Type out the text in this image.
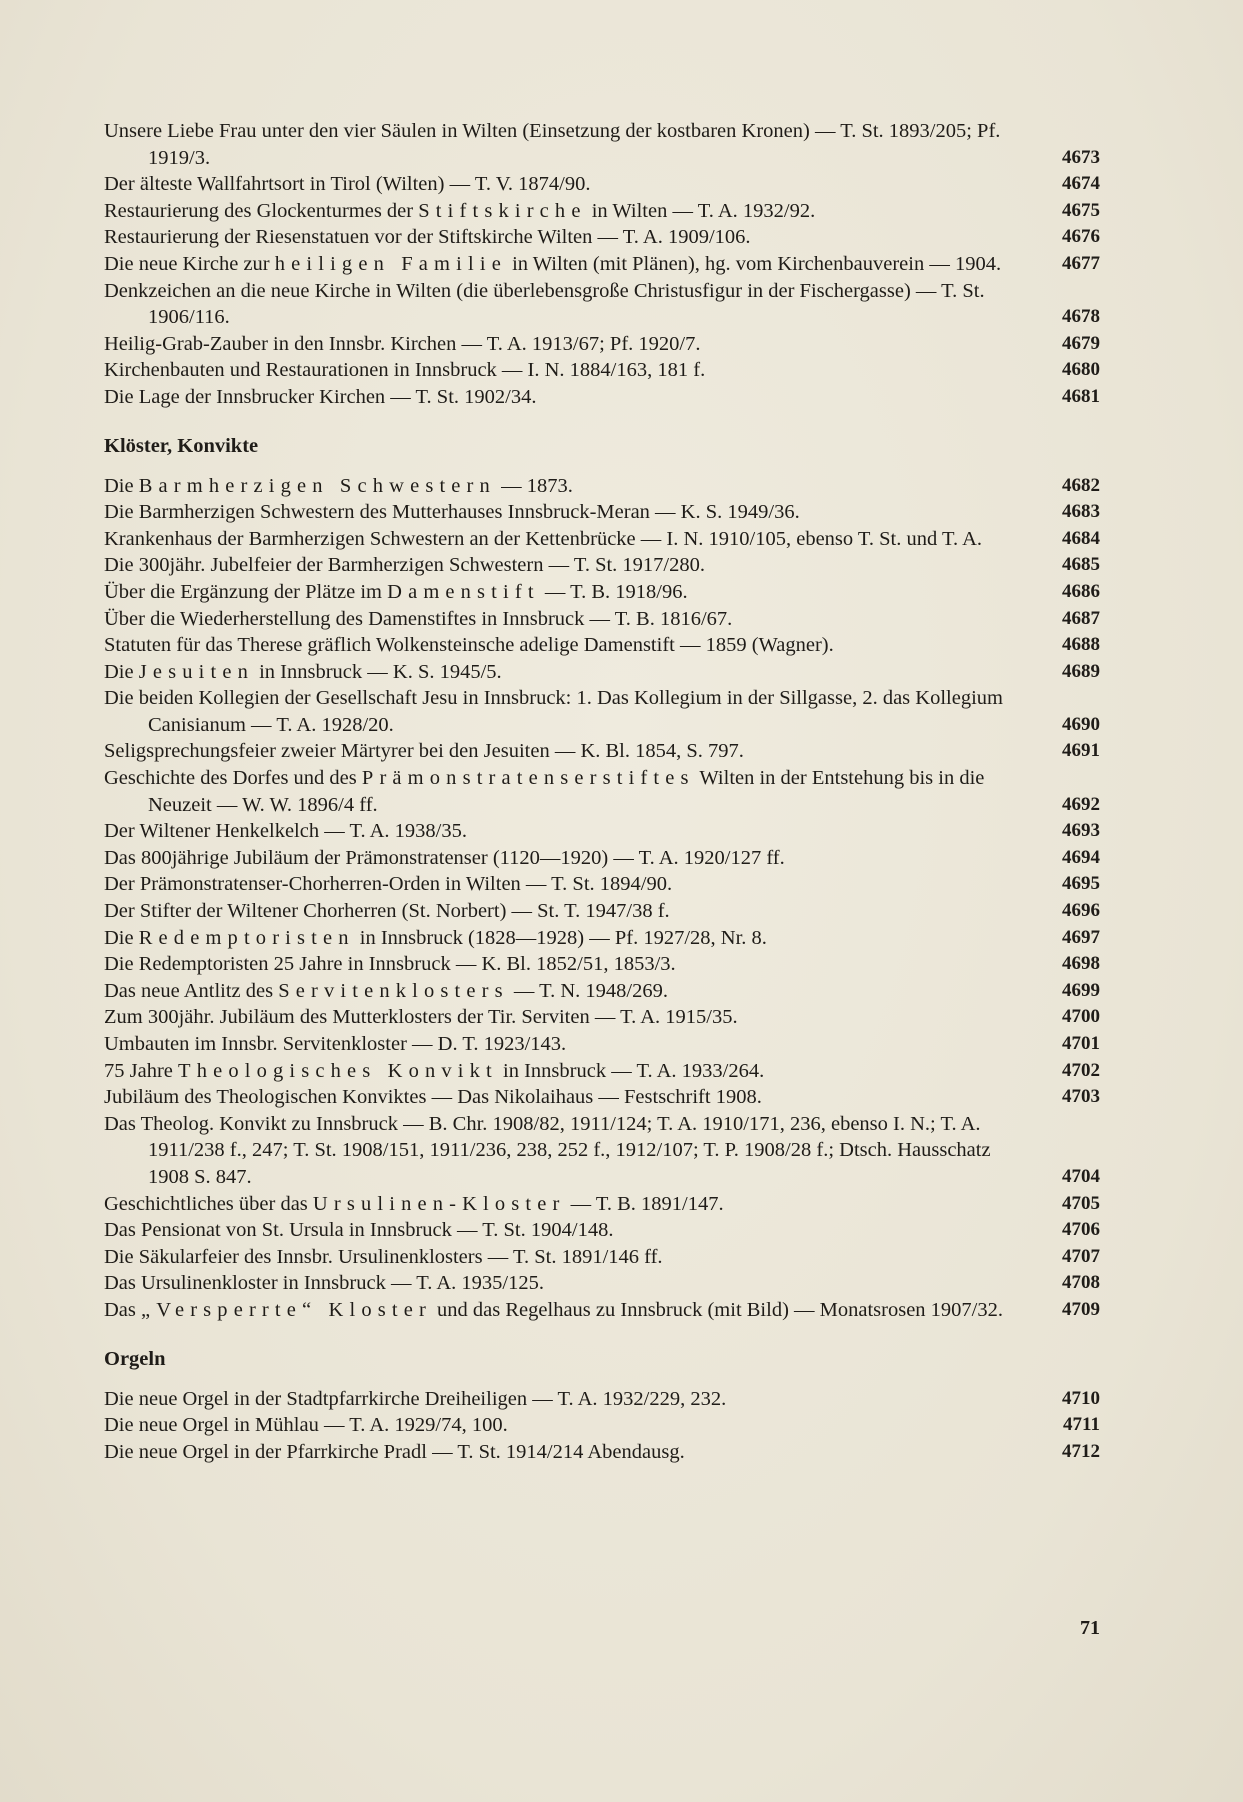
Unsere Liebe Frau unter den vier Säulen in Wilten (Einsetzung der kostbaren Kronen) — T. St. 1893/205; Pf. 1919/3.	4673
Der älteste Wallfahrtsort in Tirol (Wilten) — T. V. 1874/90.	4674
Restaurierung des Glockenturmes der Stiftskirche in Wilten — T. A. 1932/92.	4675
Restaurierung der Riesenstatuen vor der Stiftskirche Wilten — T. A. 1909/106.	4676
Die neue Kirche zur heiligen Familie in Wilten (mit Plänen), hg. vom Kirchenbauverein — 1904.	4677
Denkzeichen an die neue Kirche in Wilten (die überlebensgroße Christusfigur in der Fischergasse) — T. St. 1906/116.	4678
Heilig-Grab-Zauber in den Innsbr. Kirchen — T. A. 1913/67; Pf. 1920/7.	4679
Kirchenbauten und Restaurationen in Innsbruck — I. N. 1884/163, 181 f.	4680
Die Lage der Innsbrucker Kirchen — T. St. 1902/34.	4681
Klöster, Konvikte
Die Barmherzigen Schwestern — 1873.	4682
Die Barmherzigen Schwestern des Mutterhauses Innsbruck-Meran — K. S. 1949/36.	4683
Krankenhaus der Barmherzigen Schwestern an der Kettenbrücke — I. N. 1910/105, ebenso T. St. und T. A.	4684
Die 300jähr. Jubelfeier der Barmherzigen Schwestern — T. St. 1917/280.	4685
Über die Ergänzung der Plätze im Damenstift — T. B. 1918/96.	4686
Über die Wiederherstellung des Damenstiftes in Innsbruck — T. B. 1816/67.	4687
Statuten für das Therese gräflich Wolkensteinsche adelige Damenstift — 1859 (Wagner).	4688
Die Jesuiten in Innsbruck — K. S. 1945/5.	4689
Die beiden Kollegien der Gesellschaft Jesu in Innsbruck: 1. Das Kollegium in der Sillgasse, 2. das Kollegium Canisianum — T. A. 1928/20.	4690
Seligsprechungsfeier zweier Märtyrer bei den Jesuiten — K. Bl. 1854, S. 797.	4691
Geschichte des Dorfes und des Prämonstratenserstiftes Wilten in der Entstehung bis in die Neuzeit — W. W. 1896/4 ff.	4692
Der Wiltener Henkelkelch — T. A. 1938/35.	4693
Das 800jährige Jubiläum der Prämonstratenser (1120—1920) — T. A. 1920/127 ff.	4694
Der Prämonstratenser-Chorherren-Orden in Wilten — T. St. 1894/90.	4695
Der Stifter der Wiltener Chorherren (St. Norbert) — St. T. 1947/38 f.	4696
Die Redemptoristen in Innsbruck (1828—1928) — Pf. 1927/28, Nr. 8.	4697
Die Redemptoristen 25 Jahre in Innsbruck — K. Bl. 1852/51, 1853/3.	4698
Das neue Antlitz des Servitenklosters — T. N. 1948/269.	4699
Zum 300jähr. Jubiläum des Mutterklosters der Tir. Serviten — T. A. 1915/35.	4700
Umbauten im Innsbr. Servitenkloster — D. T. 1923/143.	4701
75 Jahre Theologisches Konvikt in Innsbruck — T. A. 1933/264.	4702
Jubiläum des Theologischen Konviktes — Das Nikolaihaus — Festschrift 1908.	4703
Das Theolog. Konvikt zu Innsbruck — B. Chr. 1908/82, 1911/124; T. A. 1910/171, 236, ebenso I. N.; T. A. 1911/238 f., 247; T. St. 1908/151, 1911/236, 238, 252 f., 1912/107; T. P. 1908/28 f.; Dtsch. Hausschatz 1908 S. 847.	4704
Geschichtliches über das Ursulinen-Kloster — T. B. 1891/147.	4705
Das Pensionat von St. Ursula in Innsbruck — T. St. 1904/148.	4706
Die Säkularfeier des Innsbr. Ursulinenklosters — T. St. 1891/146 ff.	4707
Das Ursulinenkloster in Innsbruck — T. A. 1935/125.	4708
Das „Versperrte“ Kloster und das Regelhaus zu Innsbruck (mit Bild) — Monatsrosen 1907/32.	4709
Orgeln
Die neue Orgel in der Stadtpfarrkirche Dreiheiligen — T. A. 1932/229, 232.	4710
Die neue Orgel in Mühlau — T. A. 1929/74, 100.	4711
Die neue Orgel in der Pfarrkirche Pradl — T. St. 1914/214 Abendausg.	4712
71
